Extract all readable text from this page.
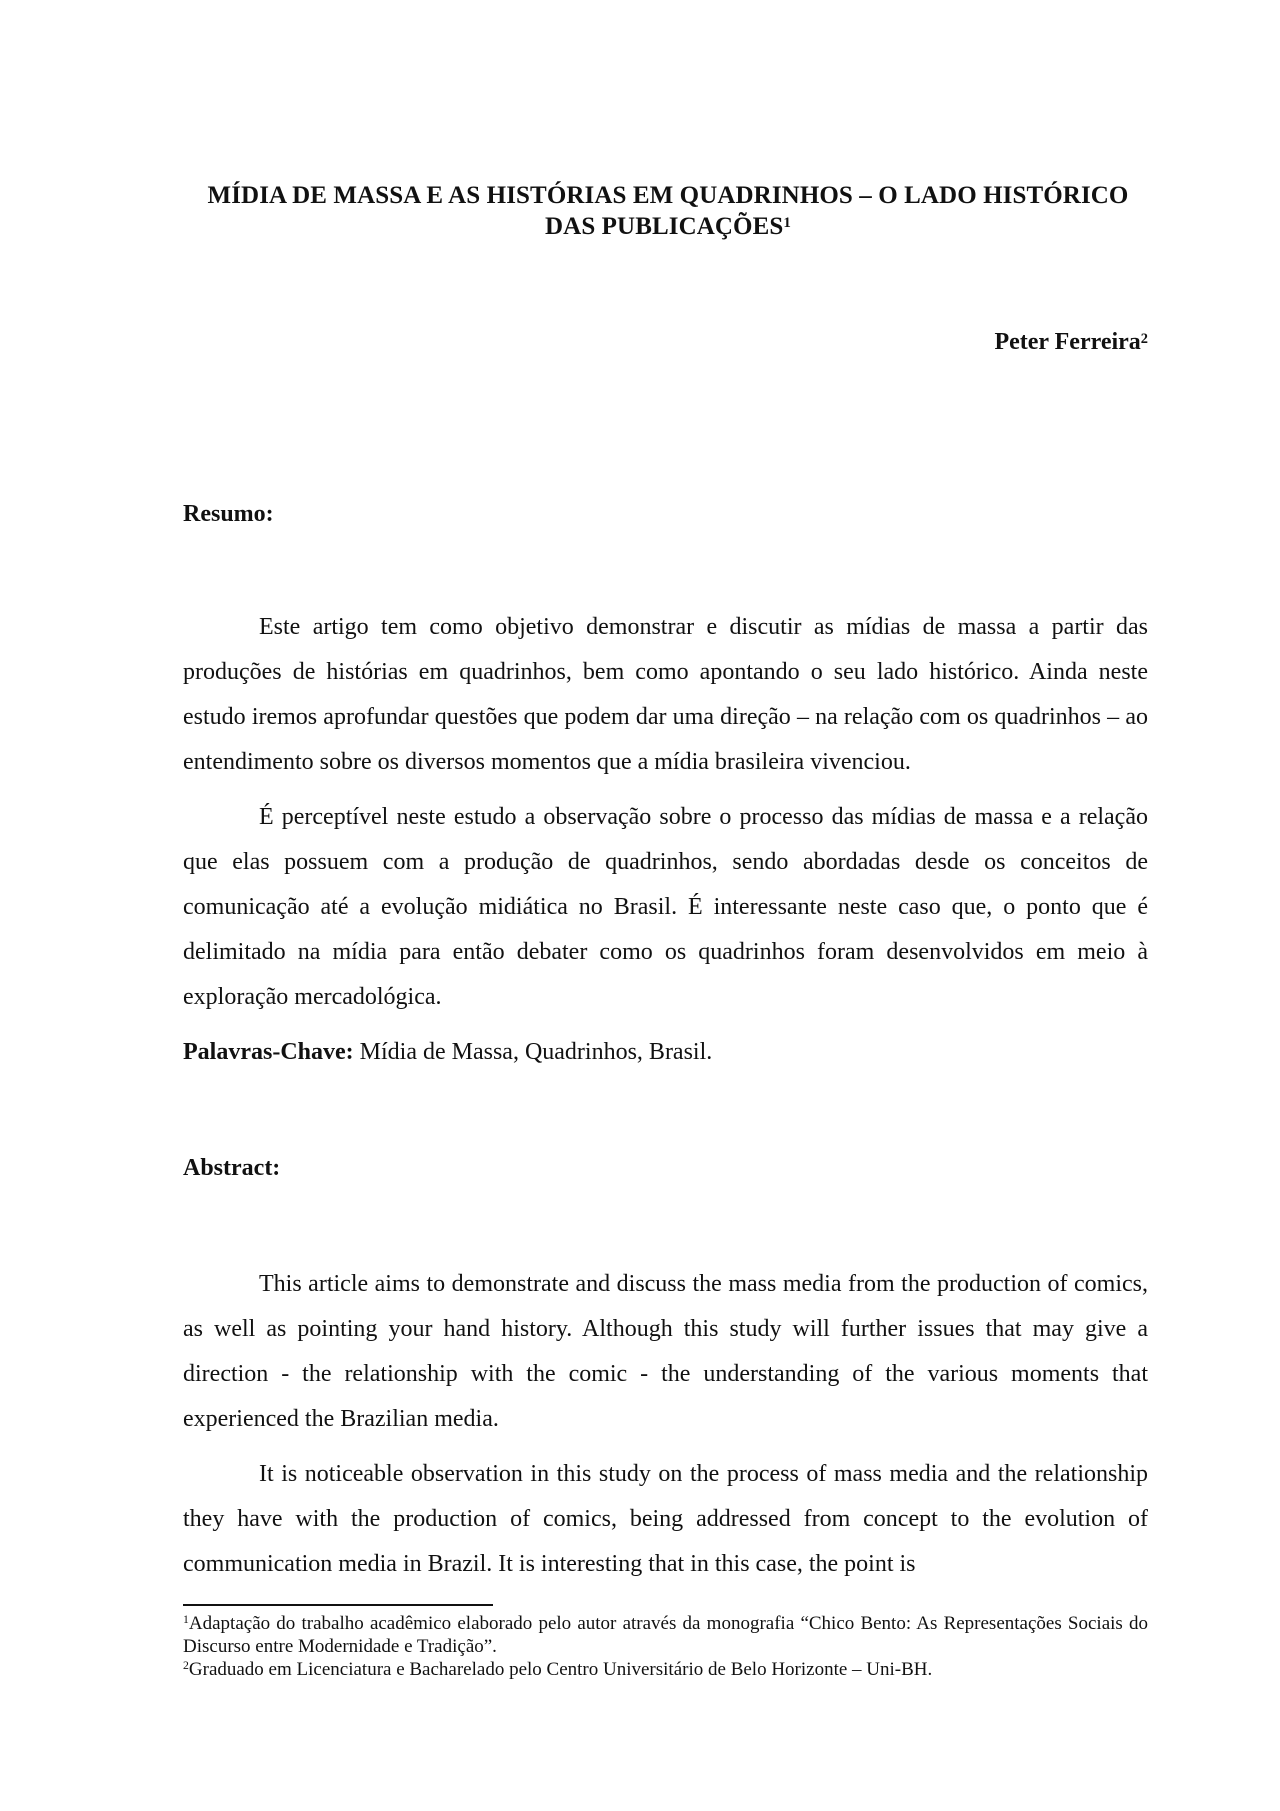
MÍDIA DE MASSA E AS HISTÓRIAS EM QUADRINHOS – O LADO HISTÓRICO
DAS PUBLICAÇÕES$^1$
Peter Ferreira$^2$
Resumo:

Este artigo tem como objetivo demonstrar e discutir as mídias de massa a partir das produções de histórias em quadrinhos, bem como apontando o seu lado histórico. Ainda neste estudo iremos aprofundar questões que podem dar uma direção – na relação com os quadrinhos – ao entendimento sobre os diversos momentos que a mídia brasileira vivenciou.

É perceptível neste estudo a observação sobre o processo das mídias de massa e a relação que elas possuem com a produção de quadrinhos, sendo abordadas desde os conceitos de comunicação até a evolução midiática no Brasil. É interessante neste caso que, o ponto que é delimitado na mídia para então debater como os quadrinhos foram desenvolvidos em meio à exploração mercadológica.

Palavras-Chave: Mídia de Massa, Quadrinhos, Brasil.

Abstract:

This article aims to demonstrate and discuss the mass media from the production of comics, as well as pointing your hand history. Although this study will further issues that may give a direction - the relationship with the comic - the understanding of the various moments that experienced the Brazilian media.

It is noticeable observation in this study on the process of mass media and the relationship they have with the production of comics, being addressed from concept to the evolution of communication media in Brazil. It is interesting that in this case, the point is

$^1$Adaptação do trabalho acadêmico elaborado pelo autor através da monografia “Chico Bento: As Representações Sociais do Discurso entre Modernidade e Tradição”.

$^2$Graduado em Licenciatura e Bacharelado pelo Centro Universitário de Belo Horizonte – Uni-BH.
